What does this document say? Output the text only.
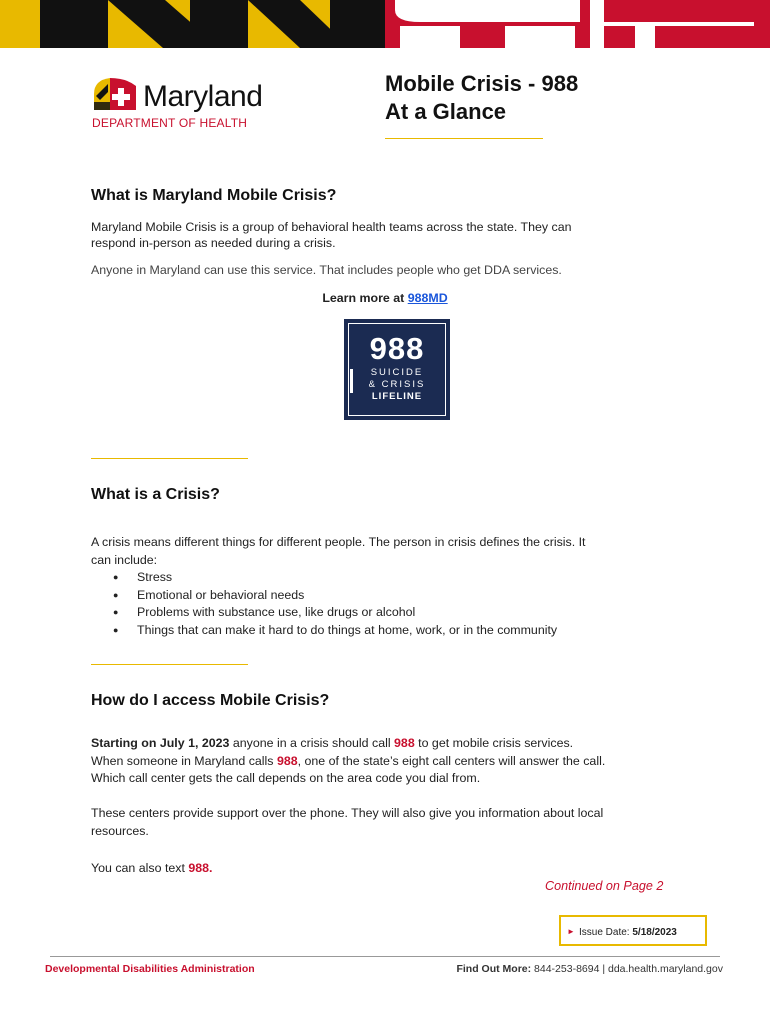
Maryland
DEPARTMENT OF HEALTH
Mobile Crisis - 988
At a Glance
What is Maryland Mobile Crisis?
Maryland Mobile Crisis is a group of behavioral health teams across the state. They can
respond in-person as needed during a crisis.
Anyone in Maryland can use this service. That includes people who get DDA services.
Learn more at 988MD
988
SUICIDE
& CRISIS
LIFELINE
What is a Crisis?
A crisis means different things for different people. The person in crisis defines the crisis. It
can include:
● Stress
● Emotional or behavioral needs
● Problems with substance use, like drugs or alcohol
● Things that can make it hard to do things at home, work, or in the community
How do I access Mobile Crisis?
Starting on July 1, 2023 anyone in a crisis should call 988 to get mobile crisis services.
When someone in Maryland calls 988, one of the state’s eight call centers will answer the call.
Which call center gets the call depends on the area code you dial from.
These centers provide support over the phone. They will also give you information about local
resources.
You can also text 988.
Continued on Page 2
► Issue Date: 5/18/2023
Developmental Disabilities Administration	Find Out More: 844-253-8694 | dda.health.maryland.gov
